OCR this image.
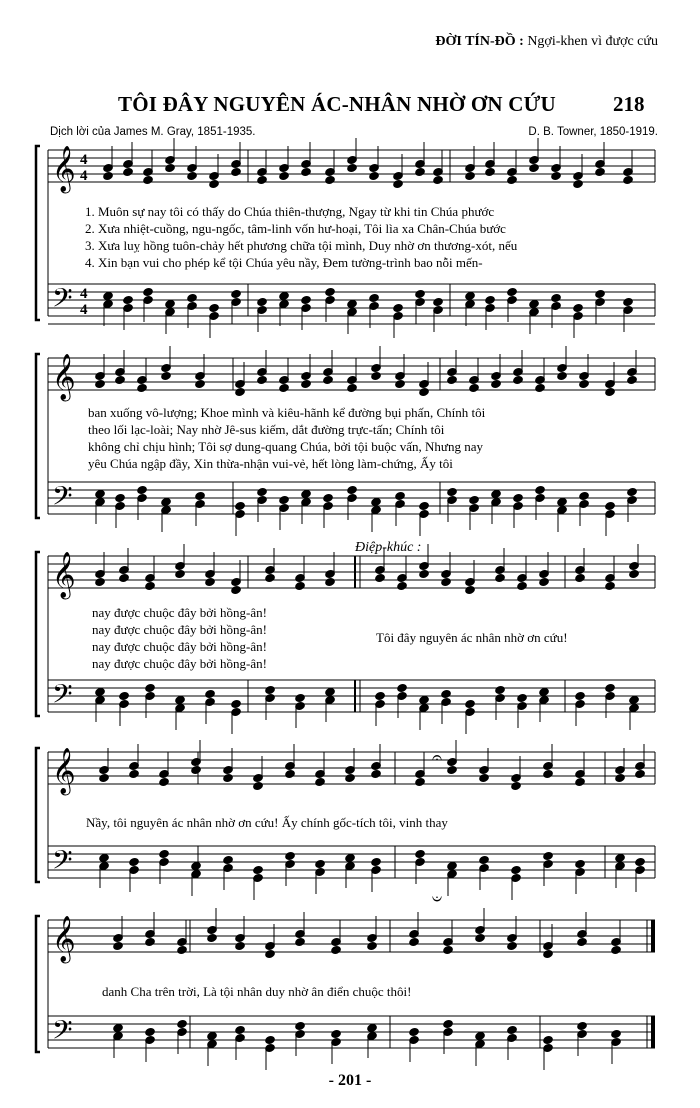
ĐỜI TÍN-ĐỒ : Ngợi-khen vì được cứu
TÔI ĐÂY NGUYÊN ÁC-NHÂN NHỜ ƠN CỨU	218
Dịch lời của James M. Gray, 1851-1935.	D. B. Towner, 1850-1919.
𝄞
𝄢
𝄞
𝄢
𝄞
𝄢
𝄞
𝄢
𝄞
𝄢
4
4
4
4
𝄐
𝄑
1. Muôn sự nay tôi có thấy do Chúa thiên-thượng, Ngay từ khi tin Chúa phước
2. Xưa nhiệt-cuồng, ngu-ngốc, tâm-linh vốn hư-hoại, Tôi lìa xa Chân-Chúa bước
3. Xưa luỵ hồng tuôn-chảy hết phương chữa tội mình, Duy nhờ ơn thương-xót, nếu
4. Xin bạn vui cho phép kể tội Chúa yêu nầy, Đem tường-trình bao nỗi mến-
ban xuống vô-lượng; Khoe mình và kiêu-hãnh kể đường bụi phấn, Chính tôi
theo lối lạc-loài; Nay nhờ Jê-sus kiếm, dắt đường trực-tấn; Chính tôi
không chỉ chịu hình; Tôi sợ dung-quang Chúa, bởi tội buộc vấn, Nhưng nay
yêu Chúa ngập đầy, Xin thừa-nhận vui-vẻ, hết lòng làm-chứng, Ấy tôi
Điệp-khúc :
nay được chuộc đây bởi hồng-ân!
nay được chuộc đây bởi hồng-ân!
nay được chuộc đây bởi hồng-ân!
nay được chuộc đây bởi hồng-ân!
Tôi đây nguyên ác nhân nhờ ơn cứu!
Nầy, tôi nguyên ác nhân nhờ ơn cứu! Ấy chính gốc-tích tôi, vinh thay
danh Cha trên trời, Là tội nhân duy nhờ ân điển chuộc thôi!
- 201 -
